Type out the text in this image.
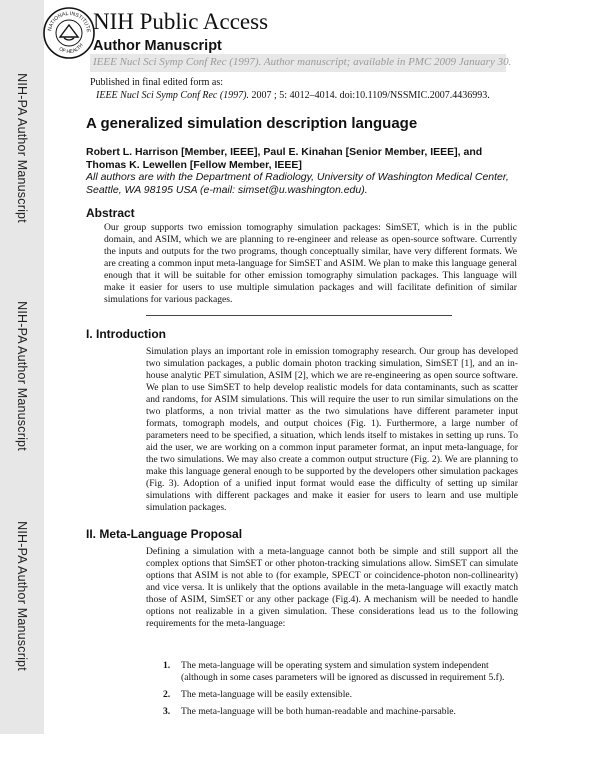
NIH-PA Author Manuscript
NIH-PA Author Manuscript
NIH-PA Author Manuscript
NATIONAL INSTITUTE
OF HEALTH
NIH Public Access
Author Manuscript
IEEE Nucl Sci Symp Conf Rec (1997). Author manuscript; available in PMC 2009 January 30.
Published in final edited form as:
IEEE Nucl Sci Symp Conf Rec (1997). 2007 ; 5: 4012–4014. doi:10.1109/NSSMIC.2007.4436993.
A generalized simulation description language
Robert L. Harrison [Member, IEEE], Paul E. Kinahan [Senior Member, IEEE], and Thomas K. Lewellen [Fellow Member, IEEE]
All authors are with the Department of Radiology, University of Washington Medical Center, Seattle, WA 98195 USA (e-mail: simset@u.washington.edu).
Abstract
Our group supports two emission tomography simulation packages: SimSET, which is in the public domain, and ASIM, which we are planning to re-engineer and release as open-source software. Currently the inputs and outputs for the two programs, though conceptually similar, have very different formats. We are creating a common input meta-language for SimSET and ASIM. We plan to make this language general enough that it will be suitable for other emission tomography simulation packages. This language will make it easier for users to use multiple simulation packages and will facilitate definition of similar simulations for various packages.
I. Introduction
Simulation plays an important role in emission tomography research. Our group has developed two simulation packages, a public domain photon tracking simulation, SimSET [1], and an in-house analytic PET simulation, ASIM [2], which we are re-engineering as open source software. We plan to use SimSET to help develop realistic models for data contaminants, such as scatter and randoms, for ASIM simulations. This will require the user to run similar simulations on the two platforms, a non trivial matter as the two simulations have different parameter input formats, tomograph models, and output choices (Fig. 1). Furthermore, a large number of parameters need to be specified, a situation, which lends itself to mistakes in setting up runs. To aid the user, we are working on a common input parameter format, an input meta-language, for the two simulations. We may also create a common output structure (Fig. 2). We are planning to make this language general enough to be supported by the developers other simulation packages (Fig. 3). Adoption of a unified input format would ease the difficulty of setting up similar simulations with different packages and make it easier for users to learn and use multiple simulation packages.
II. Meta-Language Proposal
Defining a simulation with a meta-language cannot both be simple and still support all the complex options that SimSET or other photon-tracking simulations allow. SimSET can simulate options that ASIM is not able to (for example, SPECT or coincidence-photon non-collinearity) and vice versa. It is unlikely that the options available in the meta-language will exactly match those of ASIM, SimSET or any other package (Fig.4). A mechanism will be needed to handle options not realizable in a given simulation. These considerations lead us to the following requirements for the meta-language:
1. The meta-language will be operating system and simulation system independent (although in some cases parameters will be ignored as discussed in requirement 5.f).
2. The meta-language will be easily extensible.
3. The meta-language will be both human-readable and machine-parsable.
